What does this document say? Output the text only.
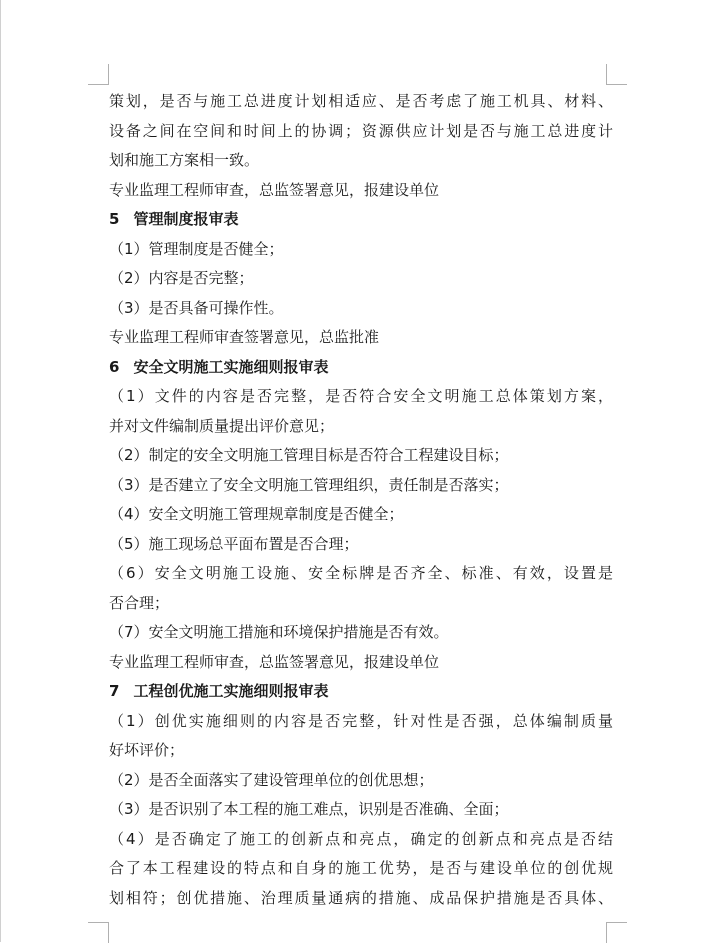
策划，是否与施工总进度计划相适应、是否考虑了施工机具、材料、
设备之间在空间和时间上的协调；资源供应计划是否与施工总进度计
划和施工方案相一致。
专业监理工程师审查，总监签署意见，报建设单位
5 管理制度报审表
（1）管理制度是否健全；
（2）内容是否完整；
（3）是否具备可操作性。
专业监理工程师审查签署意见，总监批准
6 安全文明施工实施细则报审表
（1）文件的内容是否完整，是否符合安全文明施工总体策划方案，
并对文件编制质量提出评价意见；
（2）制定的安全文明施工管理目标是否符合工程建设目标；
（3）是否建立了安全文明施工管理组织，责任制是否落实；
（4）安全文明施工管理规章制度是否健全；
（5）施工现场总平面布置是否合理；
（6）安全文明施工设施、安全标牌是否齐全、标准、有效，设置是
否合理；
（7）安全文明施工措施和环境保护措施是否有效。
专业监理工程师审查，总监签署意见，报建设单位
7 工程创优施工实施细则报审表
（1）创优实施细则的内容是否完整，针对性是否强，总体编制质量
好坏评价；
（2）是否全面落实了建设管理单位的创优思想；
（3）是否识别了本工程的施工难点，识别是否准确、全面；
（4）是否确定了施工的创新点和亮点，确定的创新点和亮点是否结
合了本工程建设的特点和自身的施工优势，是否与建设单位的创优规
划相符；创优措施、治理质量通病的措施、成品保护措施是否具体、
